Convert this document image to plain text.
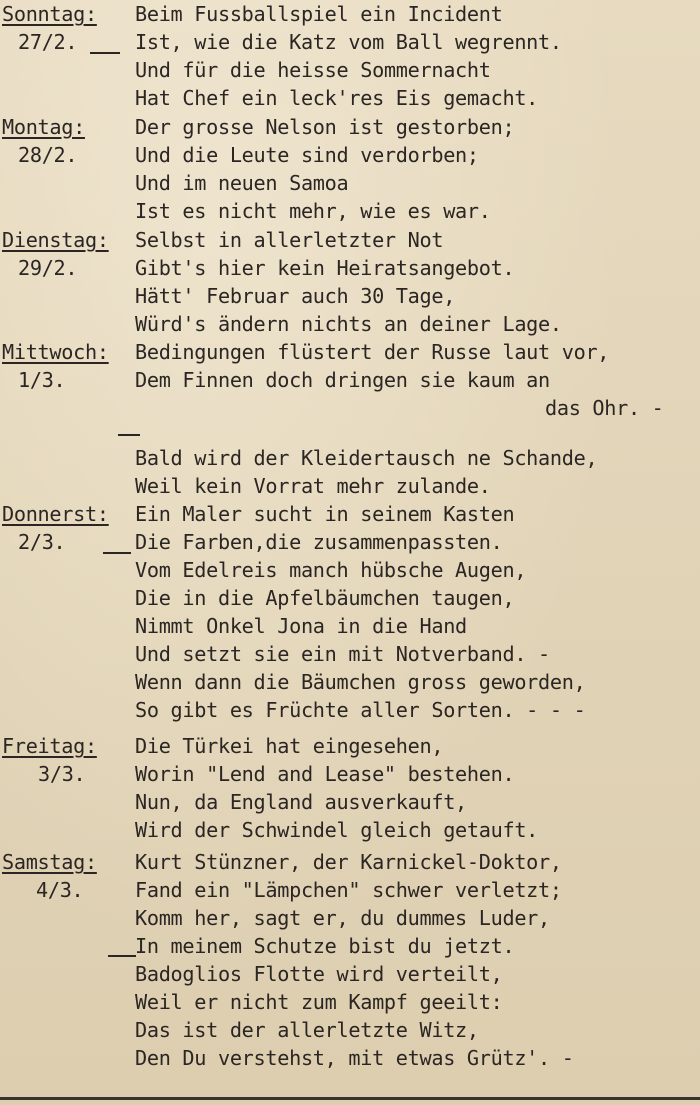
Sonntag:
27/2.
Beim Fussballspiel ein Incident
Ist, wie die Katz vom Ball wegrennt.
Und für die heisse Sommernacht
Hat Chef ein leck'res Eis gemacht.
Montag:
28/2.
Der grosse Nelson ist gestorben;
Und die Leute sind verdorben;
Und im neuen Samoa
Ist es nicht mehr, wie es war.
Dienstag:
29/2.
Selbst in allerletzter Not
Gibt's hier kein Heiratsangebot.
Hätt' Februar auch 30 Tage,
Würd's ändern nichts an deiner Lage.
Mittwoch:
1/3.
Bedingungen flüstert der Russe laut vor,
Dem Finnen doch dringen sie kaum an
das Ohr. -
Bald wird der Kleidertausch ne Schande,
Weil kein Vorrat mehr zulande.
Donnerst:
2/3.
Ein Maler sucht in seinem Kasten
Die Farben,die zusammenpassten.
Vom Edelreis manch hübsche Augen,
Die in die Apfelbäumchen taugen,
Nimmt Onkel Jona in die Hand
Und setzt sie ein mit Notverband. -
Wenn dann die Bäumchen gross geworden,
So gibt es Früchte aller Sorten. - - -
Freitag:
3/3.
Die Türkei hat eingesehen,
Worin "Lend and Lease" bestehen.
Nun, da England ausverkauft,
Wird der Schwindel gleich getauft.
Samstag:
4/3.
Kurt Stünzner, der Karnickel-Doktor,
Fand ein "Lämpchen" schwer verletzt;
Komm her, sagt er, du dummes Luder,
In meinem Schutze bist du jetzt.
Badoglios Flotte wird verteilt,
Weil er nicht zum Kampf geeilt:
Das ist der allerletzte Witz,
Den Du verstehst, mit etwas Grütz'. -
